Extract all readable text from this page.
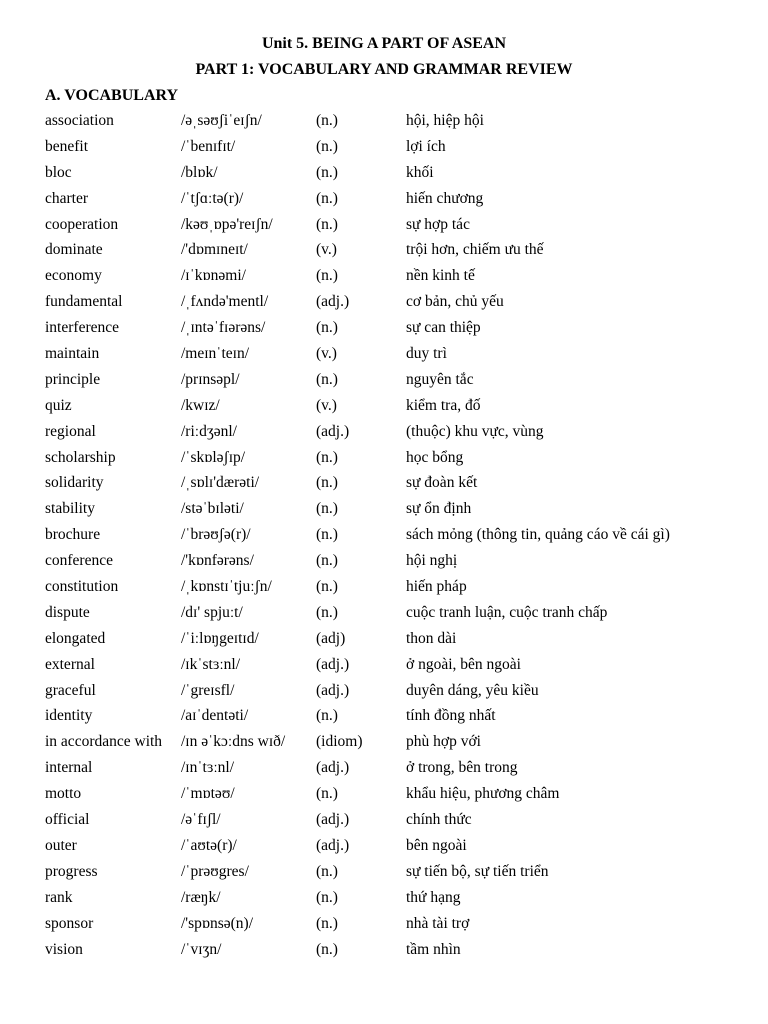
Unit 5. BEING A PART OF ASEAN
PART 1: VOCABULARY AND GRAMMAR REVIEW
A. VOCABULARY
association	/əˌsəʊʃiˈeɪʃn/	(n.)	hội, hiệp hội
benefit	/ˈbenɪfɪt/	(n.)	lợi ích
bloc	/blɒk/	(n.)	khối
charter	/ˈtʃɑːtə(r)/	(n.)	hiến chương
cooperation	/kəʊˌɒpə'reɪʃn/	(n.)	sự hợp tác
dominate	/'dɒmɪneɪt/	(v.)	trội hơn, chiếm ưu thế
economy	/ɪˈkɒnəmi/	(n.)	nền kinh tế
fundamental	/ˌfʌndə'mentl/	(adj.)	cơ bản, chủ yếu
interference	/ˌɪntəˈfɪərəns/	(n.)	sự can thiệp
maintain	/meɪnˈteɪn/	(v.)	duy trì
principle	/prɪnsəpl/	(n.)	nguyên tắc
quiz	/kwɪz/	(v.)	kiểm tra, đố
regional	/riːdʒənl/	(adj.)	(thuộc) khu vực, vùng
scholarship	/ˈskɒləʃɪp/	(n.)	học bổng
solidarity	/ˌsɒlɪ'dærəti/	(n.)	sự đoàn kết
stability	/stəˈbɪləti/	(n.)	sự ổn định
brochure	/ˈbrəʊʃə(r)/	(n.)	sách mỏng (thông tin, quảng cáo về cái gì)
conference	/'kɒnfərəns/	(n.)	hội nghị
constitution	/ˌkɒnstɪˈtjuːʃn/	(n.)	hiến pháp
dispute	/dɪ' spjuːt/	(n.)	cuộc tranh luận, cuộc tranh chấp
elongated	/ˈiːlɒŋgeɪtɪd/	(adj)	thon dài
external	/ɪkˈstɜːnl/	(adj.)	ở ngoài, bên ngoài
graceful	/ˈgreɪsfl/	(adj.)	duyên dáng, yêu kiều
identity	/aɪˈdentəti/	(n.)	tính đồng nhất
in accordance with /ɪn əˈkɔːdns wɪð/ (idiom)	phù hợp với
internal	/ɪnˈtɜːnl/	(adj.)	ở trong, bên trong
motto	/ˈmɒtəʊ/	(n.)	khẩu hiệu, phương châm
official	/əˈfɪʃl/	(adj.)	chính thức
outer	/ˈaʊtə(r)/	(adj.)	bên ngoài
progress	/ˈprəʊgres/	(n.)	sự tiến bộ, sự tiến triển
rank	/ræŋk/	(n.)	thứ hạng
sponsor	/'spɒnsə(n)/	(n.)	nhà tài trợ
vision	/ˈvɪʒn/	(n.)	tầm nhìn
